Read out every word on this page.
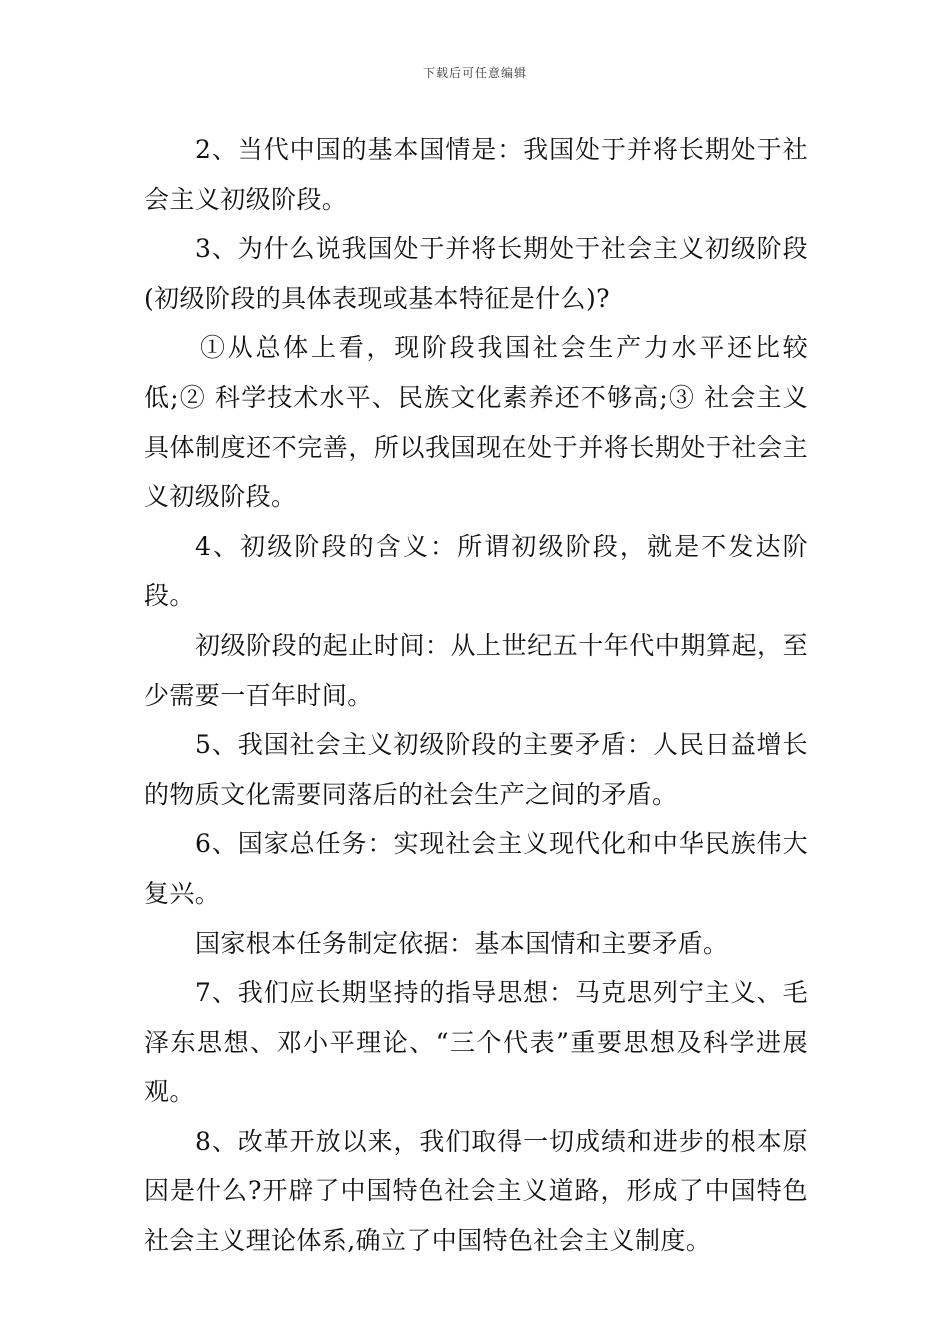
下载后可任意编辑

2、当代中国的基本国情是：我国处于并将长期处于社会主义初级阶段。

3、为什么说我国处于并将长期处于社会主义初级阶段(初级阶段的具体表现或基本特征是什么)?

①从总体上看，现阶段我国社会生产力水平还比较低;② 科学技术水平、民族文化素养还不够高;③ 社会主义具体制度还不完善，所以我国现在处于并将长期处于社会主义初级阶段。

4、初级阶段的含义：所谓初级阶段，就是不发达阶段。

初级阶段的起止时间：从上世纪五十年代中期算起，至少需要一百年时间。

5、我国社会主义初级阶段的主要矛盾：人民日益增长的物质文化需要同落后的社会生产之间的矛盾。

6、国家总任务：实现社会主义现代化和中华民族伟大复兴。

国家根本任务制定依据：基本国情和主要矛盾。

7、我们应长期坚持的指导思想：马克思列宁主义、毛泽东思想、邓小平理论、“三个代表”重要思想及科学进展观。

8、改革开放以来，我们取得一切成绩和进步的根本原因是什么?开辟了中国特色社会主义道路，形成了中国特色社会主义理论体系,确立了中国特色社会主义制度。
